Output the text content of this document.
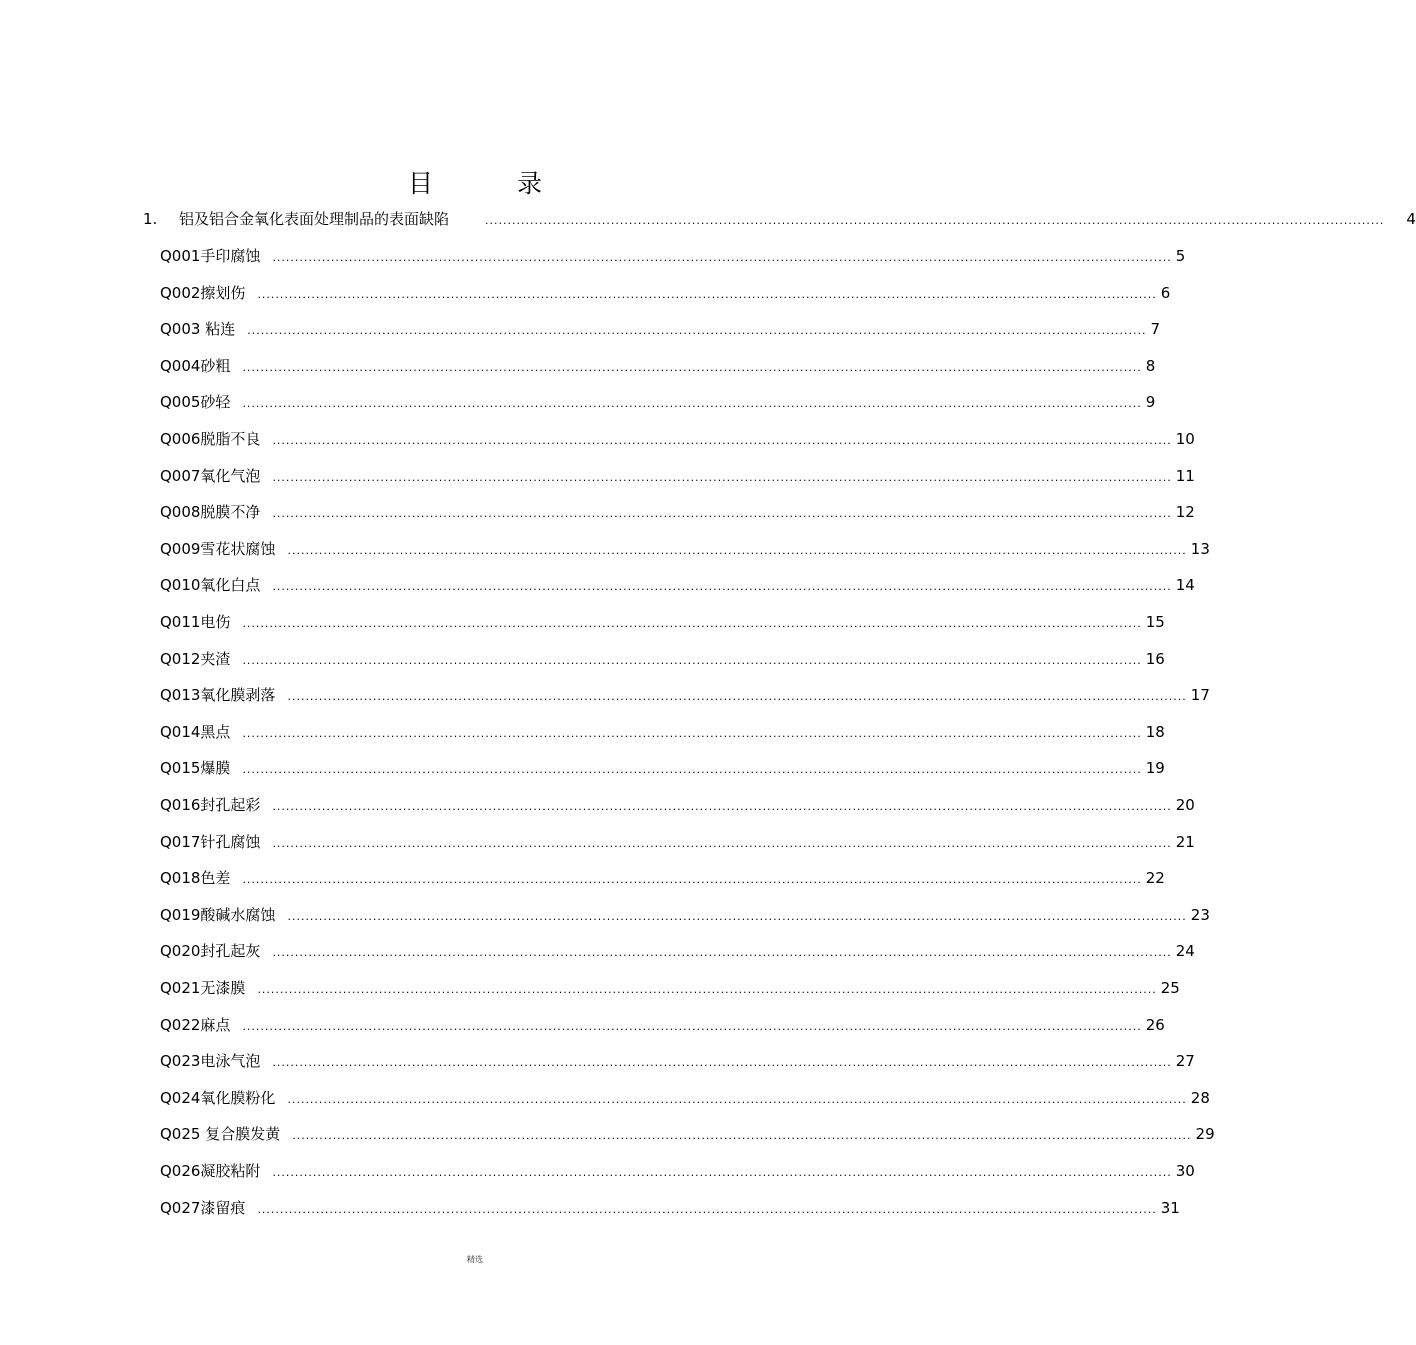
目 录
1. 铝及铝合金氧化表面处理制品的表面缺陷	........................................................................................................................................................................................................ 4
Q001手印腐蚀 ........................................................................................................................................................................................................ 5
Q002擦划伤 ........................................................................................................................................................................................................ 6
Q003 粘连 ........................................................................................................................................................................................................ 7
Q004砂粗 ........................................................................................................................................................................................................ 8
Q005砂轻 ........................................................................................................................................................................................................ 9
Q006脱脂不良 ........................................................................................................................................................................................................ 10
Q007氧化气泡 ........................................................................................................................................................................................................ 11
Q008脱膜不净 ........................................................................................................................................................................................................ 12
Q009雪花状腐蚀 ........................................................................................................................................................................................................ 13
Q010氧化白点 ........................................................................................................................................................................................................ 14
Q011电伤 ........................................................................................................................................................................................................ 15
Q012夹渣 ........................................................................................................................................................................................................ 16
Q013氧化膜剥落 ........................................................................................................................................................................................................ 17
Q014黑点 ........................................................................................................................................................................................................ 18
Q015爆膜 ........................................................................................................................................................................................................ 19
Q016封孔起彩 ........................................................................................................................................................................................................ 20
Q017针孔腐蚀 ........................................................................................................................................................................................................ 21
Q018色差 ........................................................................................................................................................................................................ 22
Q019酸碱水腐蚀 ........................................................................................................................................................................................................ 23
Q020封孔起灰 ........................................................................................................................................................................................................ 24
Q021无漆膜 ........................................................................................................................................................................................................ 25
Q022麻点 ........................................................................................................................................................................................................ 26
Q023电泳气泡 ........................................................................................................................................................................................................ 27
Q024氧化膜粉化 ........................................................................................................................................................................................................ 28
Q025 复合膜发黄 ........................................................................................................................................................................................................ 29
Q026凝胶粘附 ........................................................................................................................................................................................................ 30
Q027漆留痕 ........................................................................................................................................................................................................ 31
精选
